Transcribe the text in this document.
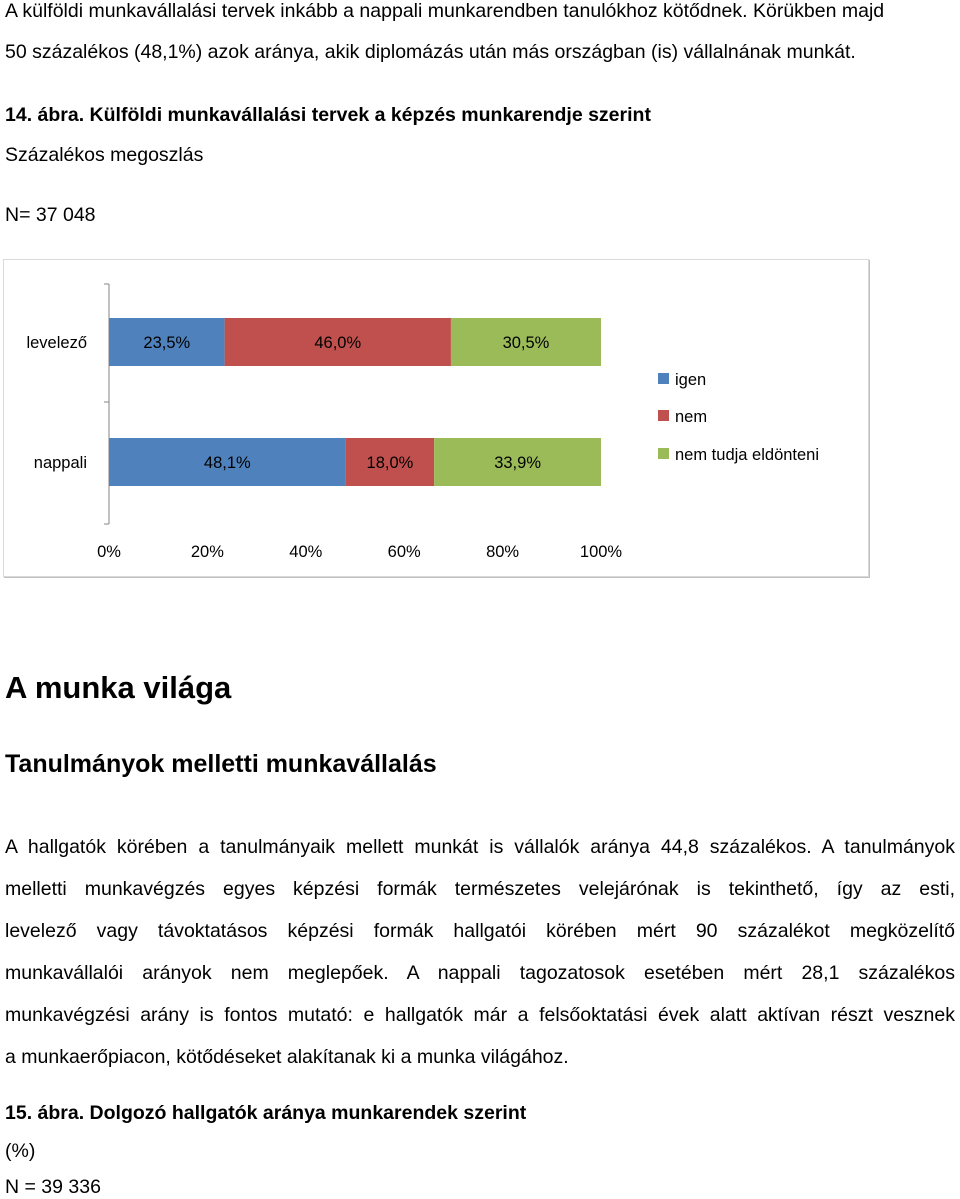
A külföldi munkavállalási tervek inkább a nappali munkarendben tanulókhoz kötődnek. Körükben majd
50 százalékos (48,1%) azok aránya, akik diplomázás után más országban (is) vállalnának munkát.
14. ábra. Külföldi munkavállalási tervek a képzés munkarendje szerint
Százalékos megoszlás
N= 37 048
23,5%	46,0%	30,5%
levelező
48,1%	18,0%	33,9%
nappali
0%	20%	40%	60%	80%	100%
igen
nem
nem tudja eldönteni
A munka világa
Tanulmányok melletti munkavállalás
A hallgatók körében a tanulmányaik mellett munkát is vállalók aránya 44,8 százalékos. A tanulmányok
melletti munkavégzés egyes képzési formák természetes velejárónak is tekinthető, így az esti,
levelező vagy távoktatásos képzési formák hallgatói körében mért 90 százalékot megközelítő
munkavállalói arányok nem meglepőek. A nappali tagozatosok esetében mért 28,1 százalékos
munkavégzési arány is fontos mutató: e hallgatók már a felsőoktatási évek alatt aktívan részt vesznek
a munkaerőpiacon, kötődéseket alakítanak ki a munka világához.
15. ábra. Dolgozó hallgatók aránya munkarendek szerint
(%)
N = 39 336
